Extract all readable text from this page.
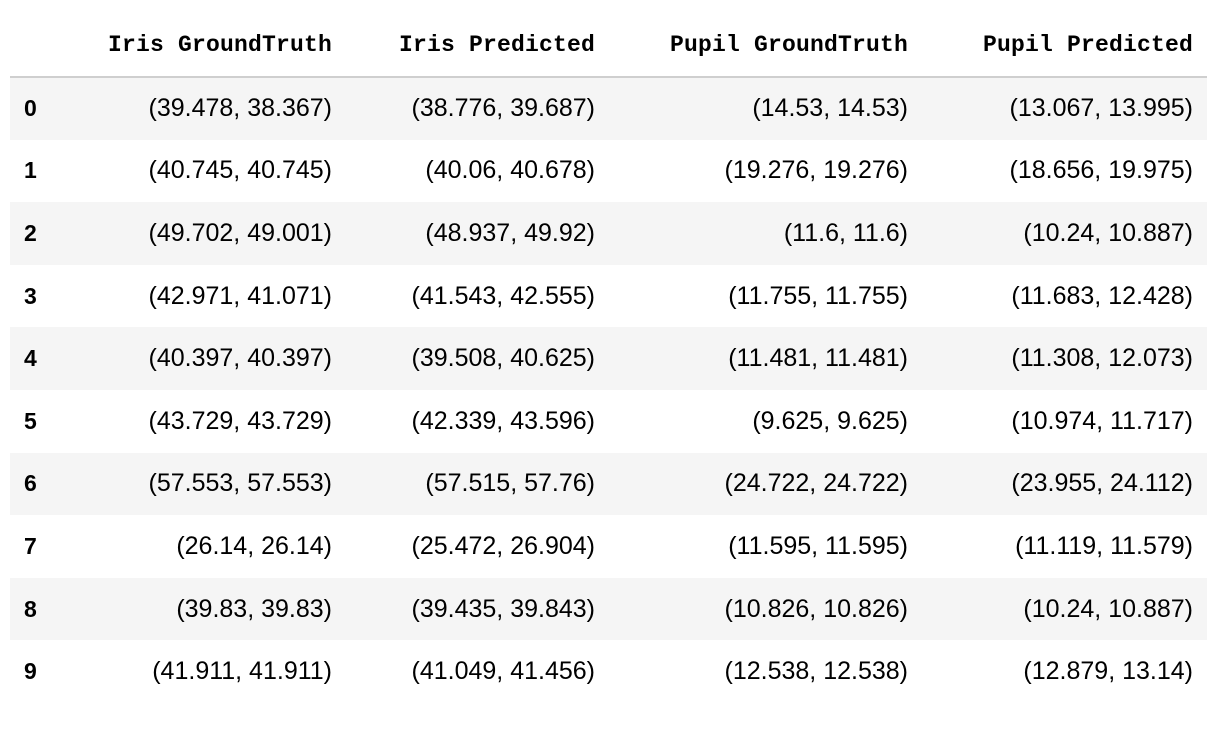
	Iris GroundTruth	Iris Predicted	Pupil GroundTruth	Pupil Predicted
0	(39.478, 38.367)	(38.776, 39.687)	(14.53, 14.53)	(13.067, 13.995)
1	(40.745, 40.745)	(40.06, 40.678)	(19.276, 19.276)	(18.656, 19.975)
2	(49.702, 49.001)	(48.937, 49.92)	(11.6, 11.6)	(10.24, 10.887)
3	(42.971, 41.071)	(41.543, 42.555)	(11.755, 11.755)	(11.683, 12.428)
4	(40.397, 40.397)	(39.508, 40.625)	(11.481, 11.481)	(11.308, 12.073)
5	(43.729, 43.729)	(42.339, 43.596)	(9.625, 9.625)	(10.974, 11.717)
6	(57.553, 57.553)	(57.515, 57.76)	(24.722, 24.722)	(23.955, 24.112)
7	(26.14, 26.14)	(25.472, 26.904)	(11.595, 11.595)	(11.119, 11.579)
8	(39.83, 39.83)	(39.435, 39.843)	(10.826, 10.826)	(10.24, 10.887)
9	(41.911, 41.911)	(41.049, 41.456)	(12.538, 12.538)	(12.879, 13.14)
